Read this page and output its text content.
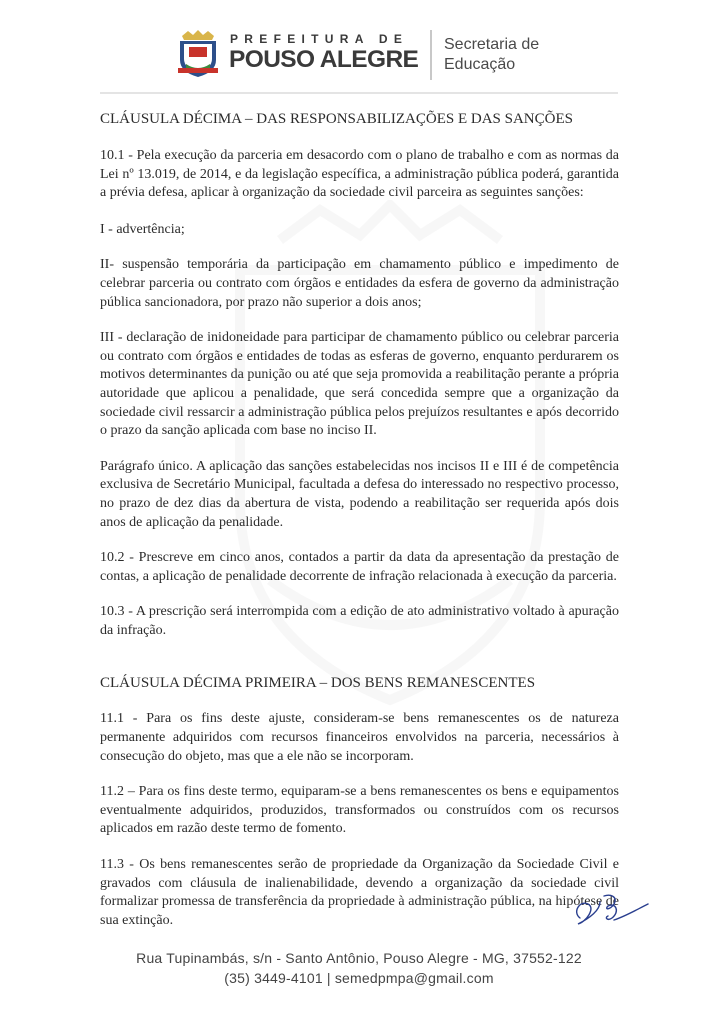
PREFEITURA DE
POUSO ALEGRE
Secretaria de
Educação
CLÁUSULA DÉCIMA – DAS RESPONSABILIZAÇÕES E DAS SANÇÕES

10.1 - Pela execução da parceria em desacordo com o plano de trabalho e com as normas da Lei nº 13.019, de 2014, e da legislação específica, a administração pública poderá, garantida a prévia defesa, aplicar à organização da sociedade civil parceira as seguintes sanções:

I - advertência;

II- suspensão temporária da participação em chamamento público e impedimento de celebrar parceria ou contrato com órgãos e entidades da esfera de governo da administração pública sancionadora, por prazo não superior a dois anos;

III - declaração de inidoneidade para participar de chamamento público ou celebrar parceria ou contrato com órgãos e entidades de todas as esferas de governo, enquanto perdurarem os motivos determinantes da punição ou até que seja promovida a reabilitação perante a própria autoridade que aplicou a penalidade, que será concedida sempre que a organização da sociedade civil ressarcir a administração pública pelos prejuízos resultantes e após decorrido o prazo da sanção aplicada com base no inciso II.

Parágrafo único. A aplicação das sanções estabelecidas nos incisos II e III é de competência exclusiva de Secretário Municipal, facultada a defesa do interessado no respectivo processo, no prazo de dez dias da abertura de vista, podendo a reabilitação ser requerida após dois anos de aplicação da penalidade.

10.2 - Prescreve em cinco anos, contados a partir da data da apresentação da prestação de contas, a aplicação de penalidade decorrente de infração relacionada à execução da parceria.

10.3 - A prescrição será interrompida com a edição de ato administrativo voltado à apuração da infração.

CLÁUSULA DÉCIMA PRIMEIRA – DOS BENS REMANESCENTES

11.1 - Para os fins deste ajuste, consideram-se bens remanescentes os de natureza permanente adquiridos com recursos financeiros envolvidos na parceria, necessários à consecução do objeto, mas que a ele não se incorporam.

11.2 – Para os fins deste termo, equiparam-se a bens remanescentes os bens e equipamentos eventualmente adquiridos, produzidos, transformados ou construídos com os recursos aplicados em razão deste termo de fomento.

11.3 - Os bens remanescentes serão de propriedade da Organização da Sociedade Civil e gravados com cláusula de inalienabilidade, devendo a organização da sociedade civil formalizar promessa de transferência da propriedade à administração pública, na hipótese de sua extinção.

Rua Tupinambás, s/n - Santo Antônio, Pouso Alegre - MG, 37552-122
(35) 3449-4101 | semedpmpa@gmail.com
